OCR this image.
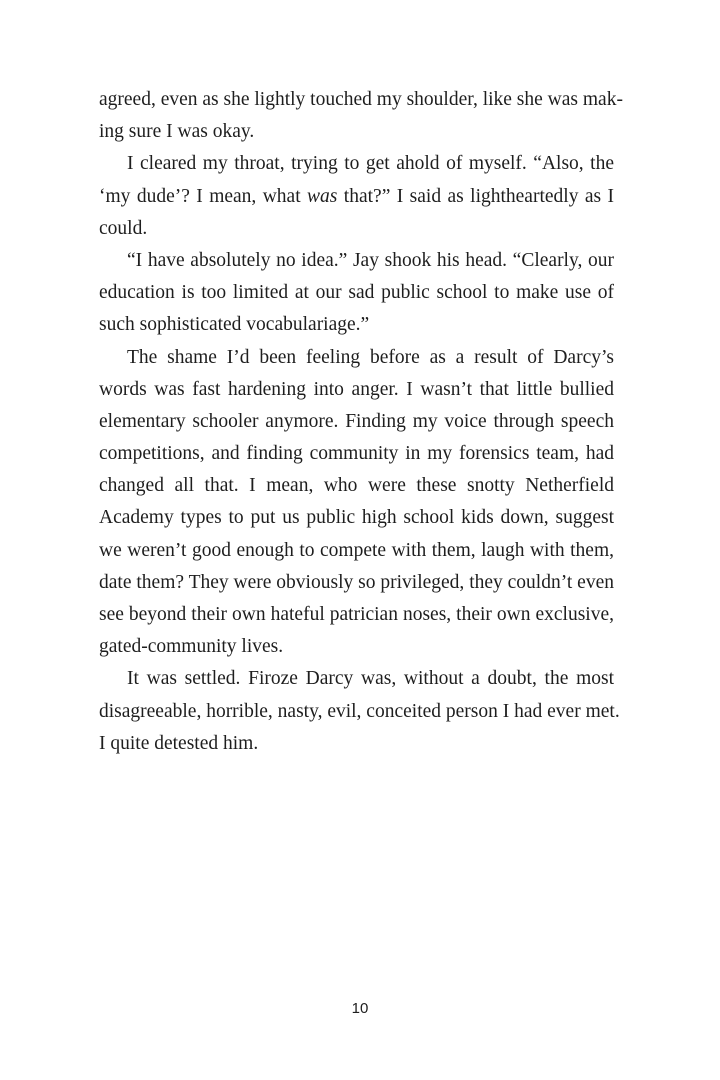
agreed, even as she lightly touched my shoulder, like she was mak-
ing sure I was okay.
I cleared my throat, trying to get ahold of myself. “Also, the
‘my dude’? I mean, what was that?” I said as lightheartedly as I
could.
“I have absolutely no idea.” Jay shook his head. “Clearly, our
education is too limited at our sad public school to make use of
such sophisticated vocabulariage.”
The shame I’d been feeling before as a result of Darcy’s
words was fast hardening into anger. I wasn’t that little bullied
elementary schooler anymore. Finding my voice through speech
competitions, and finding community in my forensics team, had
changed all that. I mean, who were these snotty Netherfield
Academy types to put us public high school kids down, suggest
we weren’t good enough to compete with them, laugh with them,
date them? They were obviously so privileged, they couldn’t even
see beyond their own hateful patrician noses, their own exclusive,
gated-community lives.
It was settled. Firoze Darcy was, without a doubt, the most
disagreeable, horrible, nasty, evil, conceited person I had ever met.
I quite detested him.
10
